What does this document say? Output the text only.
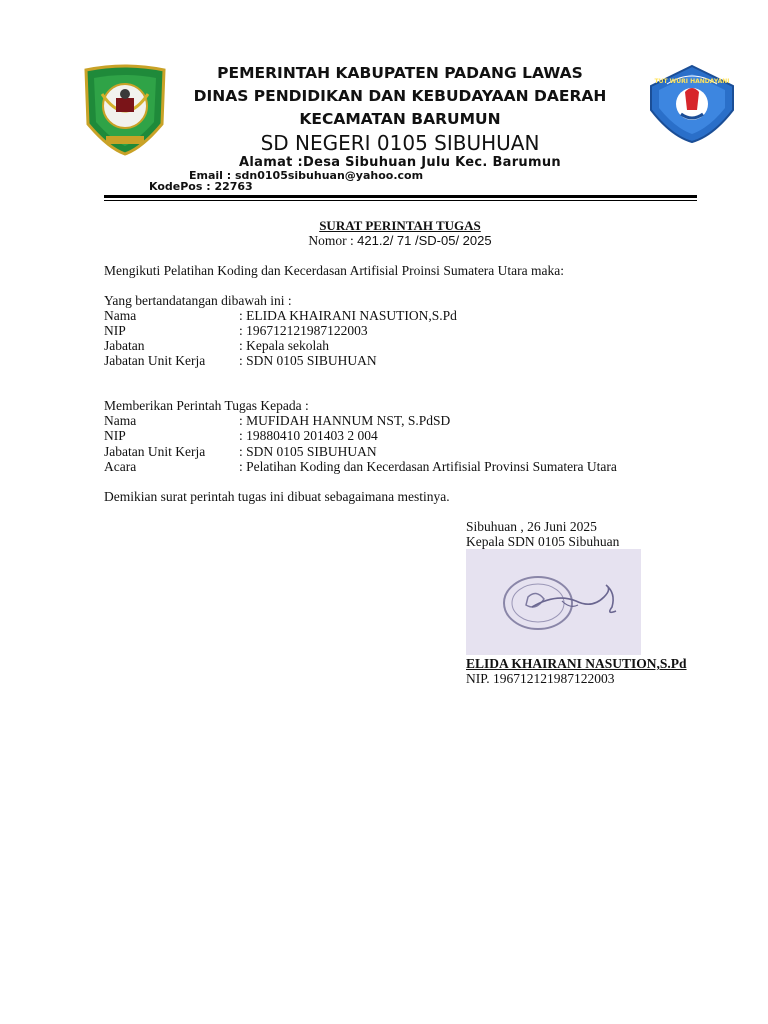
TUT WURI HANDAYANI
PEMERINTAH KABUPATEN PADANG LAWAS
DINAS PENDIDIKAN DAN KEBUDAYAAN DAERAH
KECAMATAN BARUMUN
SD NEGERI 0105 SIBUHUAN
Alamat :Desa Sibuhuan Julu Kec. Barumun
Email : sdn0105sibuhuan@yahoo.com
KodePos : 22763
SURAT PERINTAH TUGAS
Nomor : 421.2/ 71 /SD-05/ 2025
Mengikuti Pelatihan Koding dan Kecerdasan Artifisial Proinsi Sumatera Utara maka:
Yang bertandatangan dibawah ini :
Nama	: ELIDA KHAIRANI NASUTION,S.Pd
NIP	: 196712121987122003
Jabatan	: Kepala sekolah
Jabatan Unit Kerja	: SDN 0105 SIBUHUAN
Memberikan Perintah Tugas Kepada :
Nama	: MUFIDAH HANNUM NST, S.PdSD
NIP	: 19880410 201403 2 004
Jabatan Unit Kerja	: SDN 0105 SIBUHUAN
Acara	: Pelatihan Koding dan Kecerdasan Artifisial Provinsi Sumatera Utara
Demikian surat perintah tugas ini dibuat sebagaimana mestinya.
Sibuhuan , 26 Juni 2025
Kepala SDN 0105 Sibuhuan
ELIDA KHAIRANI NASUTION,S.Pd
NIP. 196712121987122003
